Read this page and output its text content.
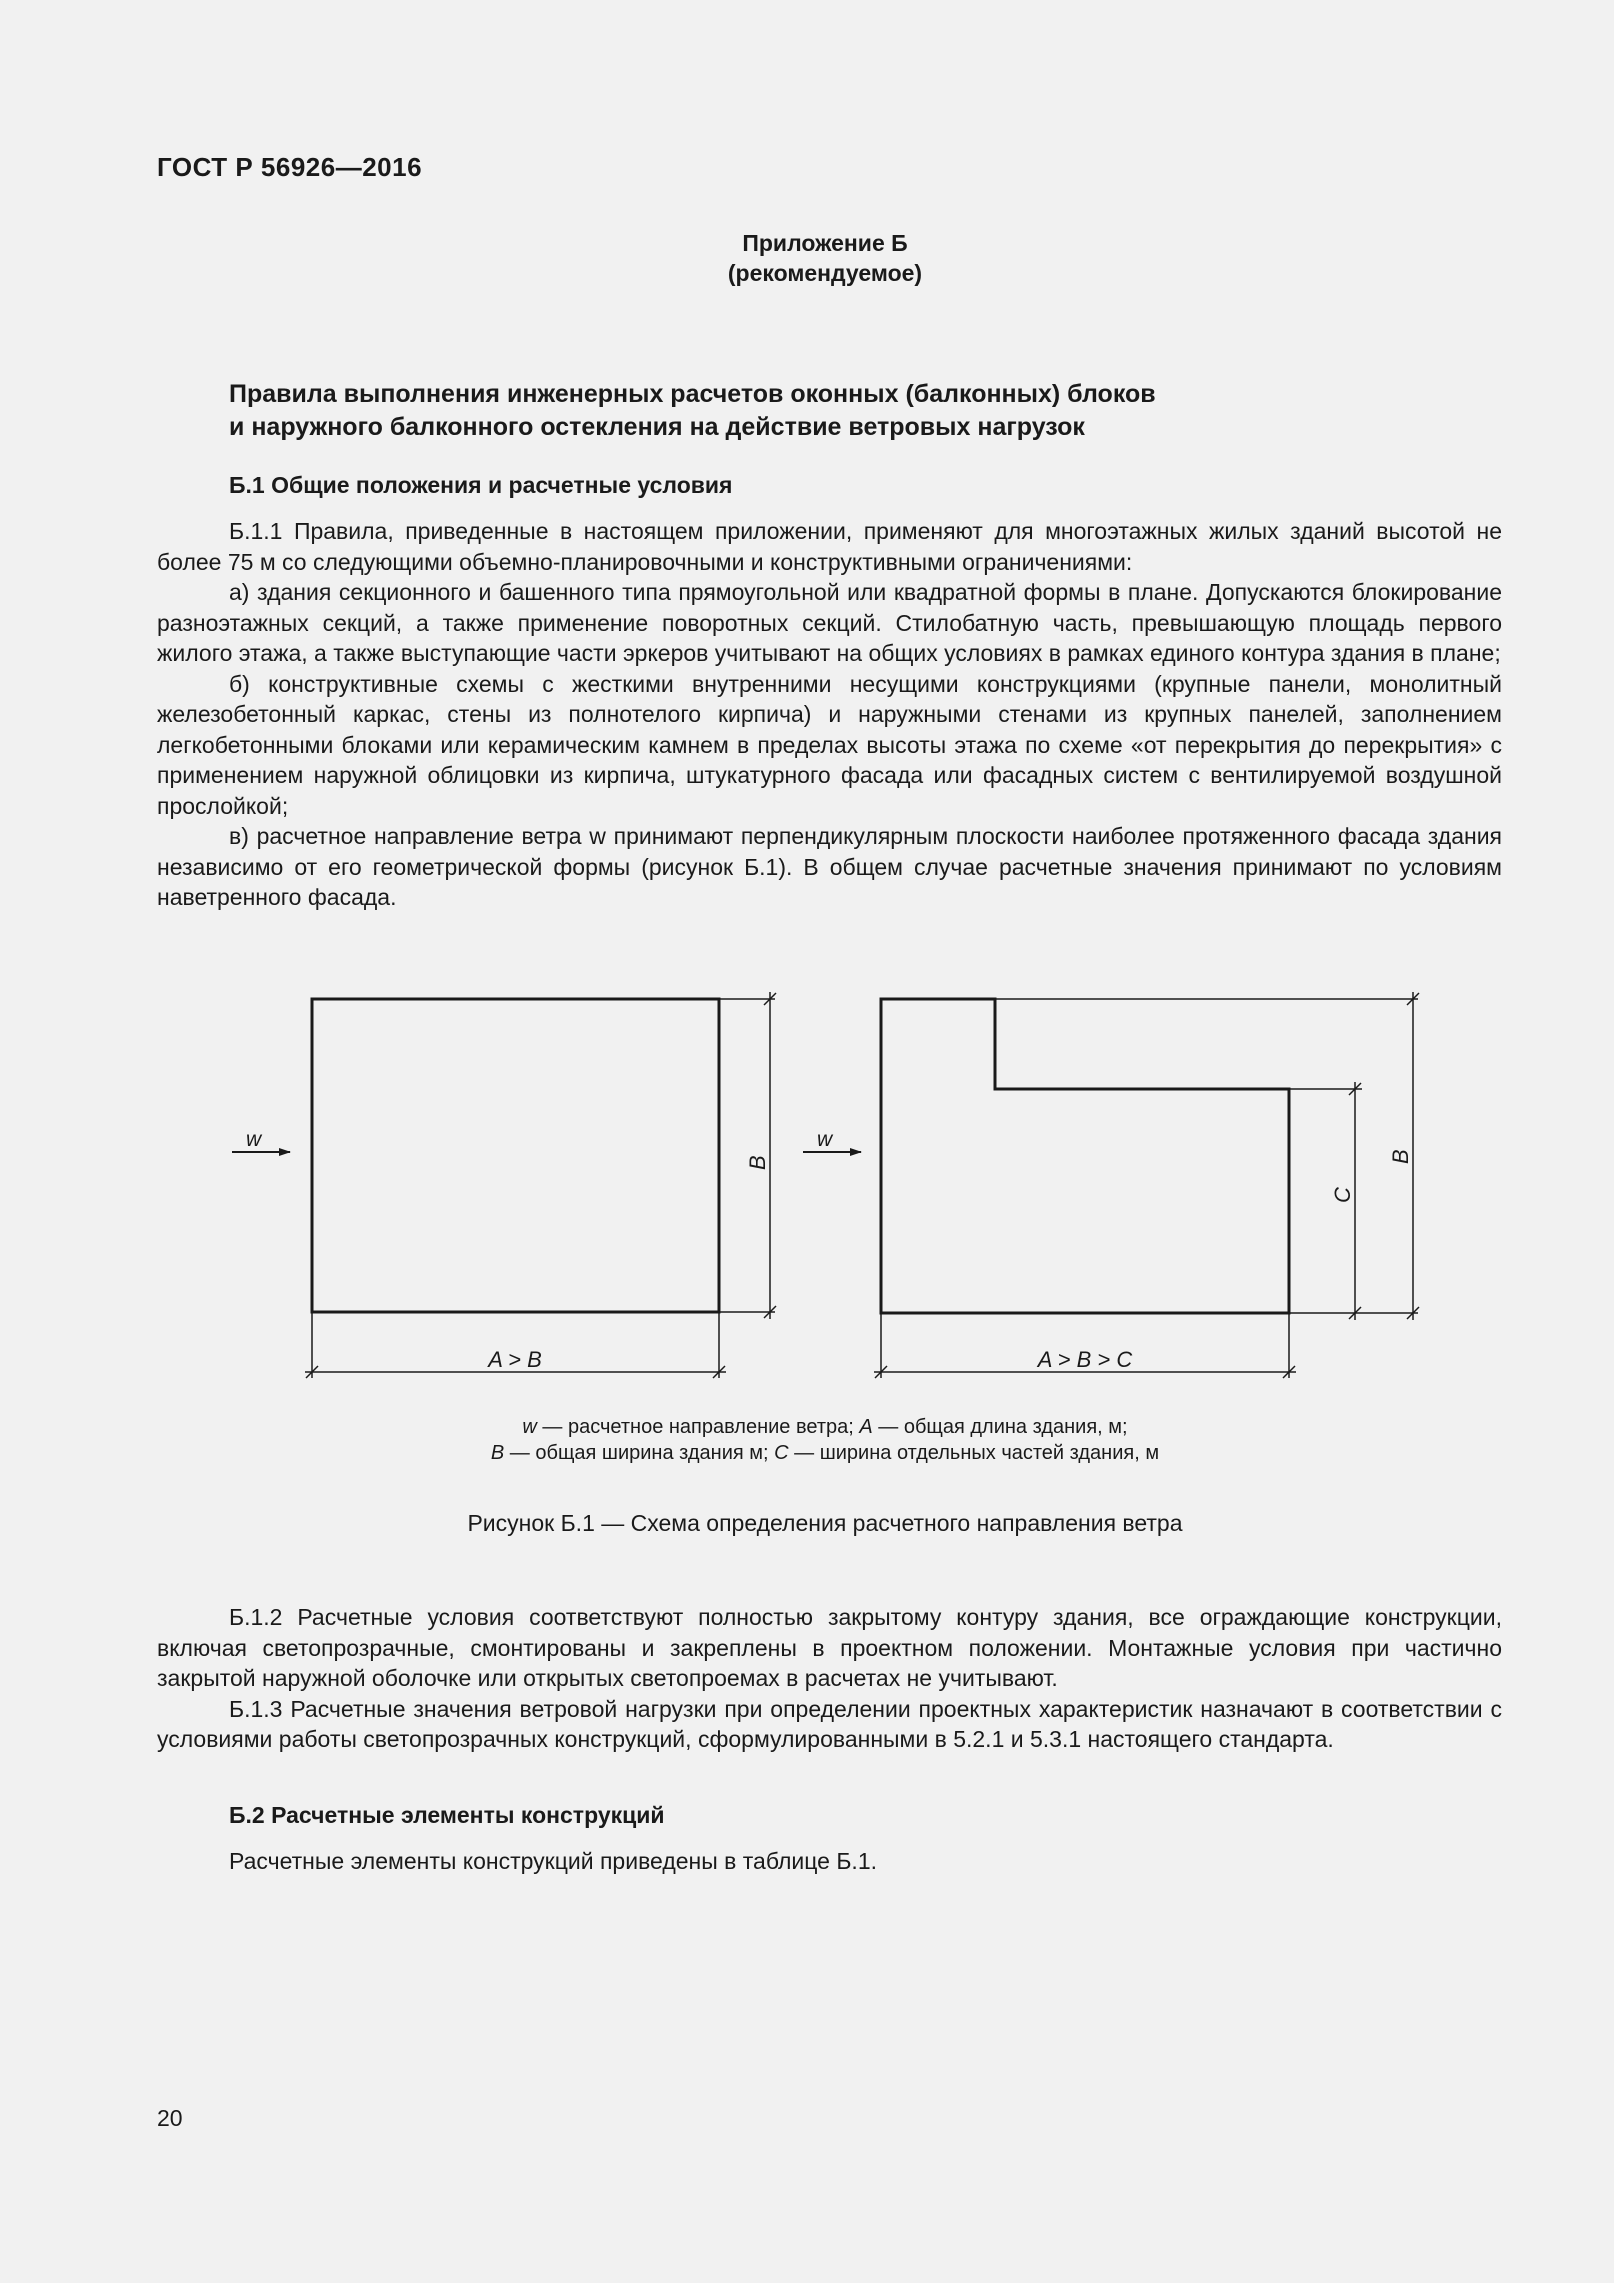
ГОСТ Р 56926—2016
Приложение Б
(рекомендуемое)
Правила выполнения инженерных расчетов оконных (балконных) блоков
и наружного балконного остекления на действие ветровых нагрузок
Б.1 Общие положения и расчетные условия

Б.1.1 Правила, приведенные в настоящем приложении, применяют для многоэтажных жилых зданий высотой не более 75 м со следующими объемно-планировочными и конструктивными ограничениями:

а) здания секционного и башенного типа прямоугольной или квадратной формы в плане. Допускаются блокирование разноэтажных секций, а также применение поворотных секций. Стилобатную часть, превышающую площадь первого жилого этажа, а также выступающие части эркеров учитывают на общих условиях в рамках единого контура здания в плане;

б) конструктивные схемы с жесткими внутренними несущими конструкциями (крупные панели, монолитный железобетонный каркас, стены из полнотелого кирпича) и наружными стенами из крупных панелей, заполнением легкобетонными блоками или керамическим камнем в пределах высоты этажа по схеме «от перекрытия до перекрытия» с применением наружной облицовки из кирпича, штукатурного фасада или фасадных систем с вентилируемой воздушной прослойкой;

в) расчетное направление ветра w принимают перпендикулярным плоскости наиболее протяженного фасада здания независимо от его геометрической формы (рисунок Б.1). В общем случае расчетные значения принимают по условиям наветренного фасада.

w
B
A > B
w
C
B
A > B > C
w — расчетное направление ветра; A — общая длина здания, м;
B — общая ширина здания м; C — ширина отдельных частей здания, м
Рисунок Б.1 — Схема определения расчетного направления ветра

Б.1.2 Расчетные условия соответствуют полностью закрытому контуру здания, все ограждающие конструкции, включая светопрозрачные, смонтированы и закреплены в проектном положении. Монтажные условия при частично закрытой наружной оболочке или открытых светопроемах в расчетах не учитывают.

Б.1.3 Расчетные значения ветровой нагрузки при определении проектных характеристик назначают в соответствии с условиями работы светопрозрачных конструкций, сформулированными в 5.2.1 и 5.3.1 настоящего стандарта.

Б.2 Расчетные элементы конструкций
Расчетные элементы конструкций приведены в таблице Б.1.
20
